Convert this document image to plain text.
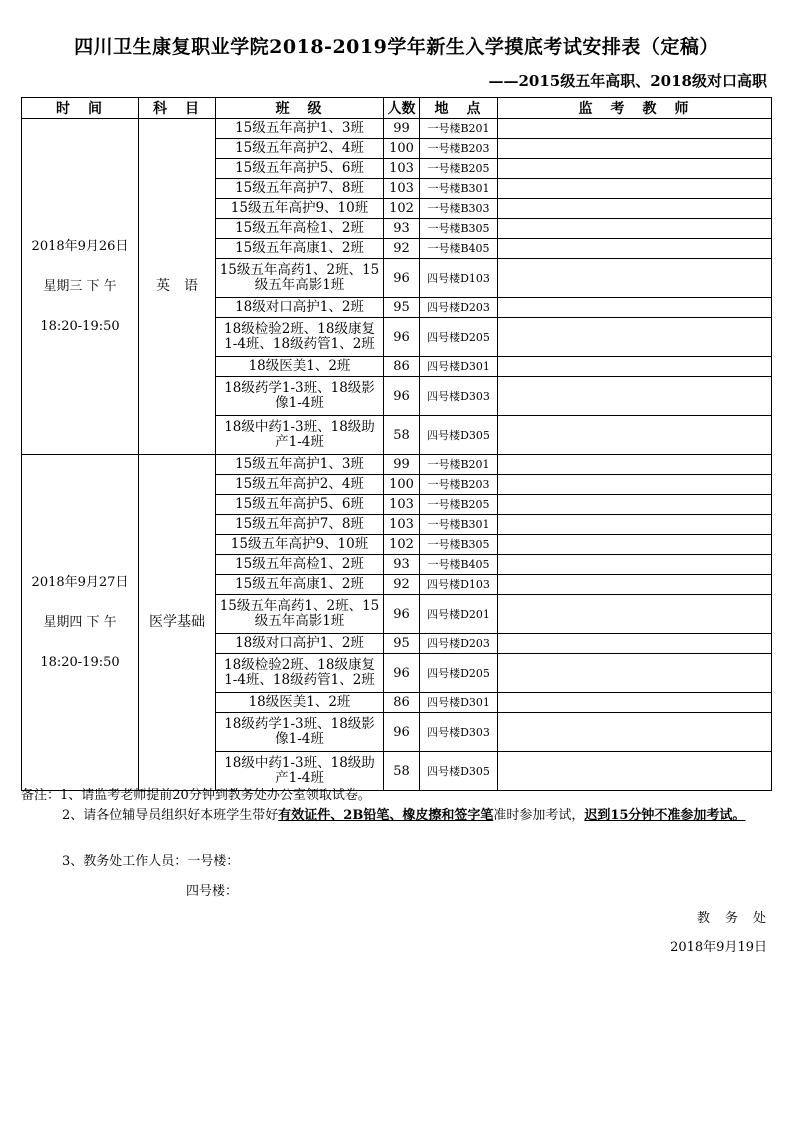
四川卫生康复职业学院2018-2019学年新生入学摸底考试安排表（定稿）
——2015级五年高职、2018级对口高职
时　间	科　目	班　级	人数	地　点	监　考　教　师

2018年9月26日
星期三 下 午
18:20-19:50	英　语	15级五年高护1、3班	99	一号楼B201	
		15级五年高护2、4班	100	一号楼B203	
		15级五年高护5、6班	103	一号楼B205	
		15级五年高护7、8班	103	一号楼B301	
		15级五年高护9、10班	102	一号楼B303	
		15级五年高检1、2班	93	一号楼B305	
		15级五年高康1、2班	92	一号楼B405	
		15级五年高药1、2班、15级五年高影1班	96	四号楼D103	
		18级对口高护1、2班	95	四号楼D203	
		18级检验2班、18级康复1-4班、18级药管1、2班	96	四号楼D205	
		18级医美1、2班	86	四号楼D301	
		18级药学1-3班、18级影像1-4班	96	四号楼D303	
		18级中药1-3班、18级助产1-4班	58	四号楼D305	

2018年9月27日
星期四 下 午
18:20-19:50	医学基础	15级五年高护1、3班	99	一号楼B201	
		15级五年高护2、4班	100	一号楼B203	
		15级五年高护5、6班	103	一号楼B205	
		15级五年高护7、8班	103	一号楼B301	
		15级五年高护9、10班	102	一号楼B305	
		15级五年高检1、2班	93	一号楼B405	
		15级五年高康1、2班	92	四号楼D103	
		15级五年高药1、2班、15级五年高影1班	96	四号楼D201	
		18级对口高护1、2班	95	四号楼D203	
		18级检验2班、18级康复1-4班、18级药管1、2班	96	四号楼D205	
		18级医美1、2班	86	四号楼D301	
		18级药学1-3班、18级影像1-4班	96	四号楼D303	
		18级中药1-3班、18级助产1-4班	58	四号楼D305	
备注：1、请监考老师提前20分钟到教务处办公室领取试卷。
2、请各位辅导员组织好本班学生带好有效证件、2B铅笔、橡皮擦和签字笔准时参加考试，迟到15分钟不准参加考试。
3、教务处工作人员：一号楼：
四号楼：
教　务　处
2018年9月19日
